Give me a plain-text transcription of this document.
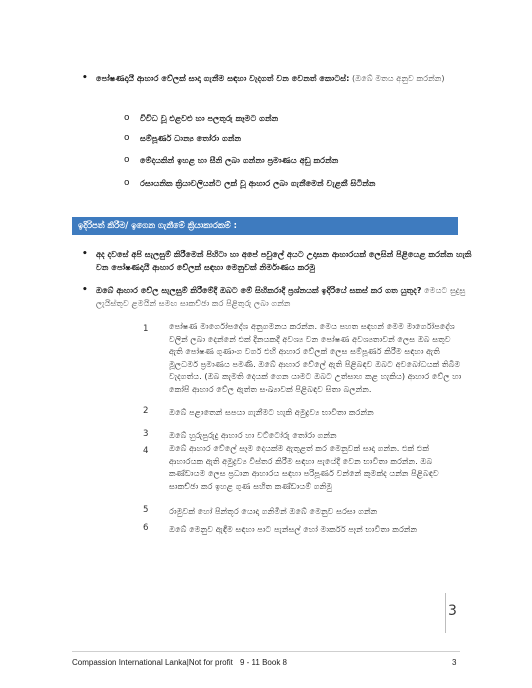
• පෝෂණදායී ආහාර වේලක් සාදා ගැනීම සඳහා වැදගත් වන වෙනත් කොටස්: (ඔබේ මතය අනුව කරන්න)
ο විවිධ වූ එළවළු හා පලතුරු කෑමට ගන්න
ο සම්පූර්ණ ධාන්‍ය තෝරා ගන්න
ο මේදයකින් ඉහළ හා සීනි ලබා ගන්නා ප්‍රමාණය අඩු කරන්න
ο රසායනික ක්‍රියාවලියන්ට ලක් වූ ආහාර ලබා ගැනීමෙන් වැළකී සිටින්න
ඉදිරිපත් කිරීම/ ඉගෙන ගැනීමේ ක්‍රියාකාරකම් :
• අද දවසේ අපි සැලසුම් කිරීමෙන් පිහිටා හා අපේ පවුලේ අයට උදාසන ආහාරයක් ලෙසින් පිළියෙළ කරන්න හැකි වන පෝෂණදායී ආහාර වේලක් සඳහා මෙනුවක් නිර්මාණය කරමු
• ඔබේ ආහාර වේල සැලසුම් කිරීමේදී ඔබට මේ සිහිකරාදී ප්‍රශ්නයක් ඉදිරියේ සකස් කර ගත යුතුද? මෙයට සුදුසු ලැයිස්තුව ළමයින් සමඟ සාකච්ඡා කර පිළිතුරු ලබා ගන්න
1	පෝෂණ මාර්ගෝපදේශ අනුගමනය කරන්න. මෙය පහත සඳහන් මෙම මාර්ගෝපදේශ වලින් ලබා දෙන්නේ එක් දිනයකදී අවශ්‍ය වන පෝෂණ අවශ්‍යතාවන් ලෙස ඔබ සතුව ඇති පෝෂණ ගුණාංග වර්ග එහි ආහාර වේලක් ලෙස සම්පූර්ණ කිරීම සඳහා ඇති මූලධර්ම ප්‍රමාණය පමණි. ඔබේ ආහාර වේලේ ඇති පිළිබඳව ඔබට අවබෝධයක් තිබීම වැදගත්ය. (ඔබ කැමති දෙයක් ගෙන යාමට ඔබට උත්සාහ කළ හැකිය) ආහාර වේල හා කෝපි ආහාර වේල ඇත්ත සංඛ්‍යාවක් පිළිබඳව සිතා බලන්න.
2	ඔබේ පළාතෙන් සපයා ගැනීමට හැකි අමුද්‍රව්‍ය භාවිතා කරන්න
3	ඔබේ හුරුපුරුදු ආහාර හා වට්ටෝරු තෝරා ගන්න
4	ඔබේ ආහාර වේලේ සෑම දෙයක්ම ඇතුළත් කර මෙනුවක් සාදා ගන්න. එක් එක් ආහාරයක ඇති අමුද්‍රව්‍ය විස්තර කිරීම සඳහා පැයේදී වෙන භාවිතා කරන්න. ඔබ කණ්ඩායම ලෙස ප්‍රධාන ආහාරය සඳහා පරිපූර්ණ වන්නේ කුමක්ද යන්න පිළිබඳව සාකච්ඡා කර ඉහළ ගුණ සහිත කණ්ඩායම් ගනිමු
5	රාමුවක් හෝ පින්තූර යොදා ගනිමින් ඔබේ මෙනුව සරසා ගන්න
6	ඔබේ මෙනුව ඇඳීම සඳහා පාට පැන්සල් හෝ මාර්කර් පෑන් භාවිතා කරන්න
3
Compassion International Lanka|Not for profit 9 - 11 Book 8	3
